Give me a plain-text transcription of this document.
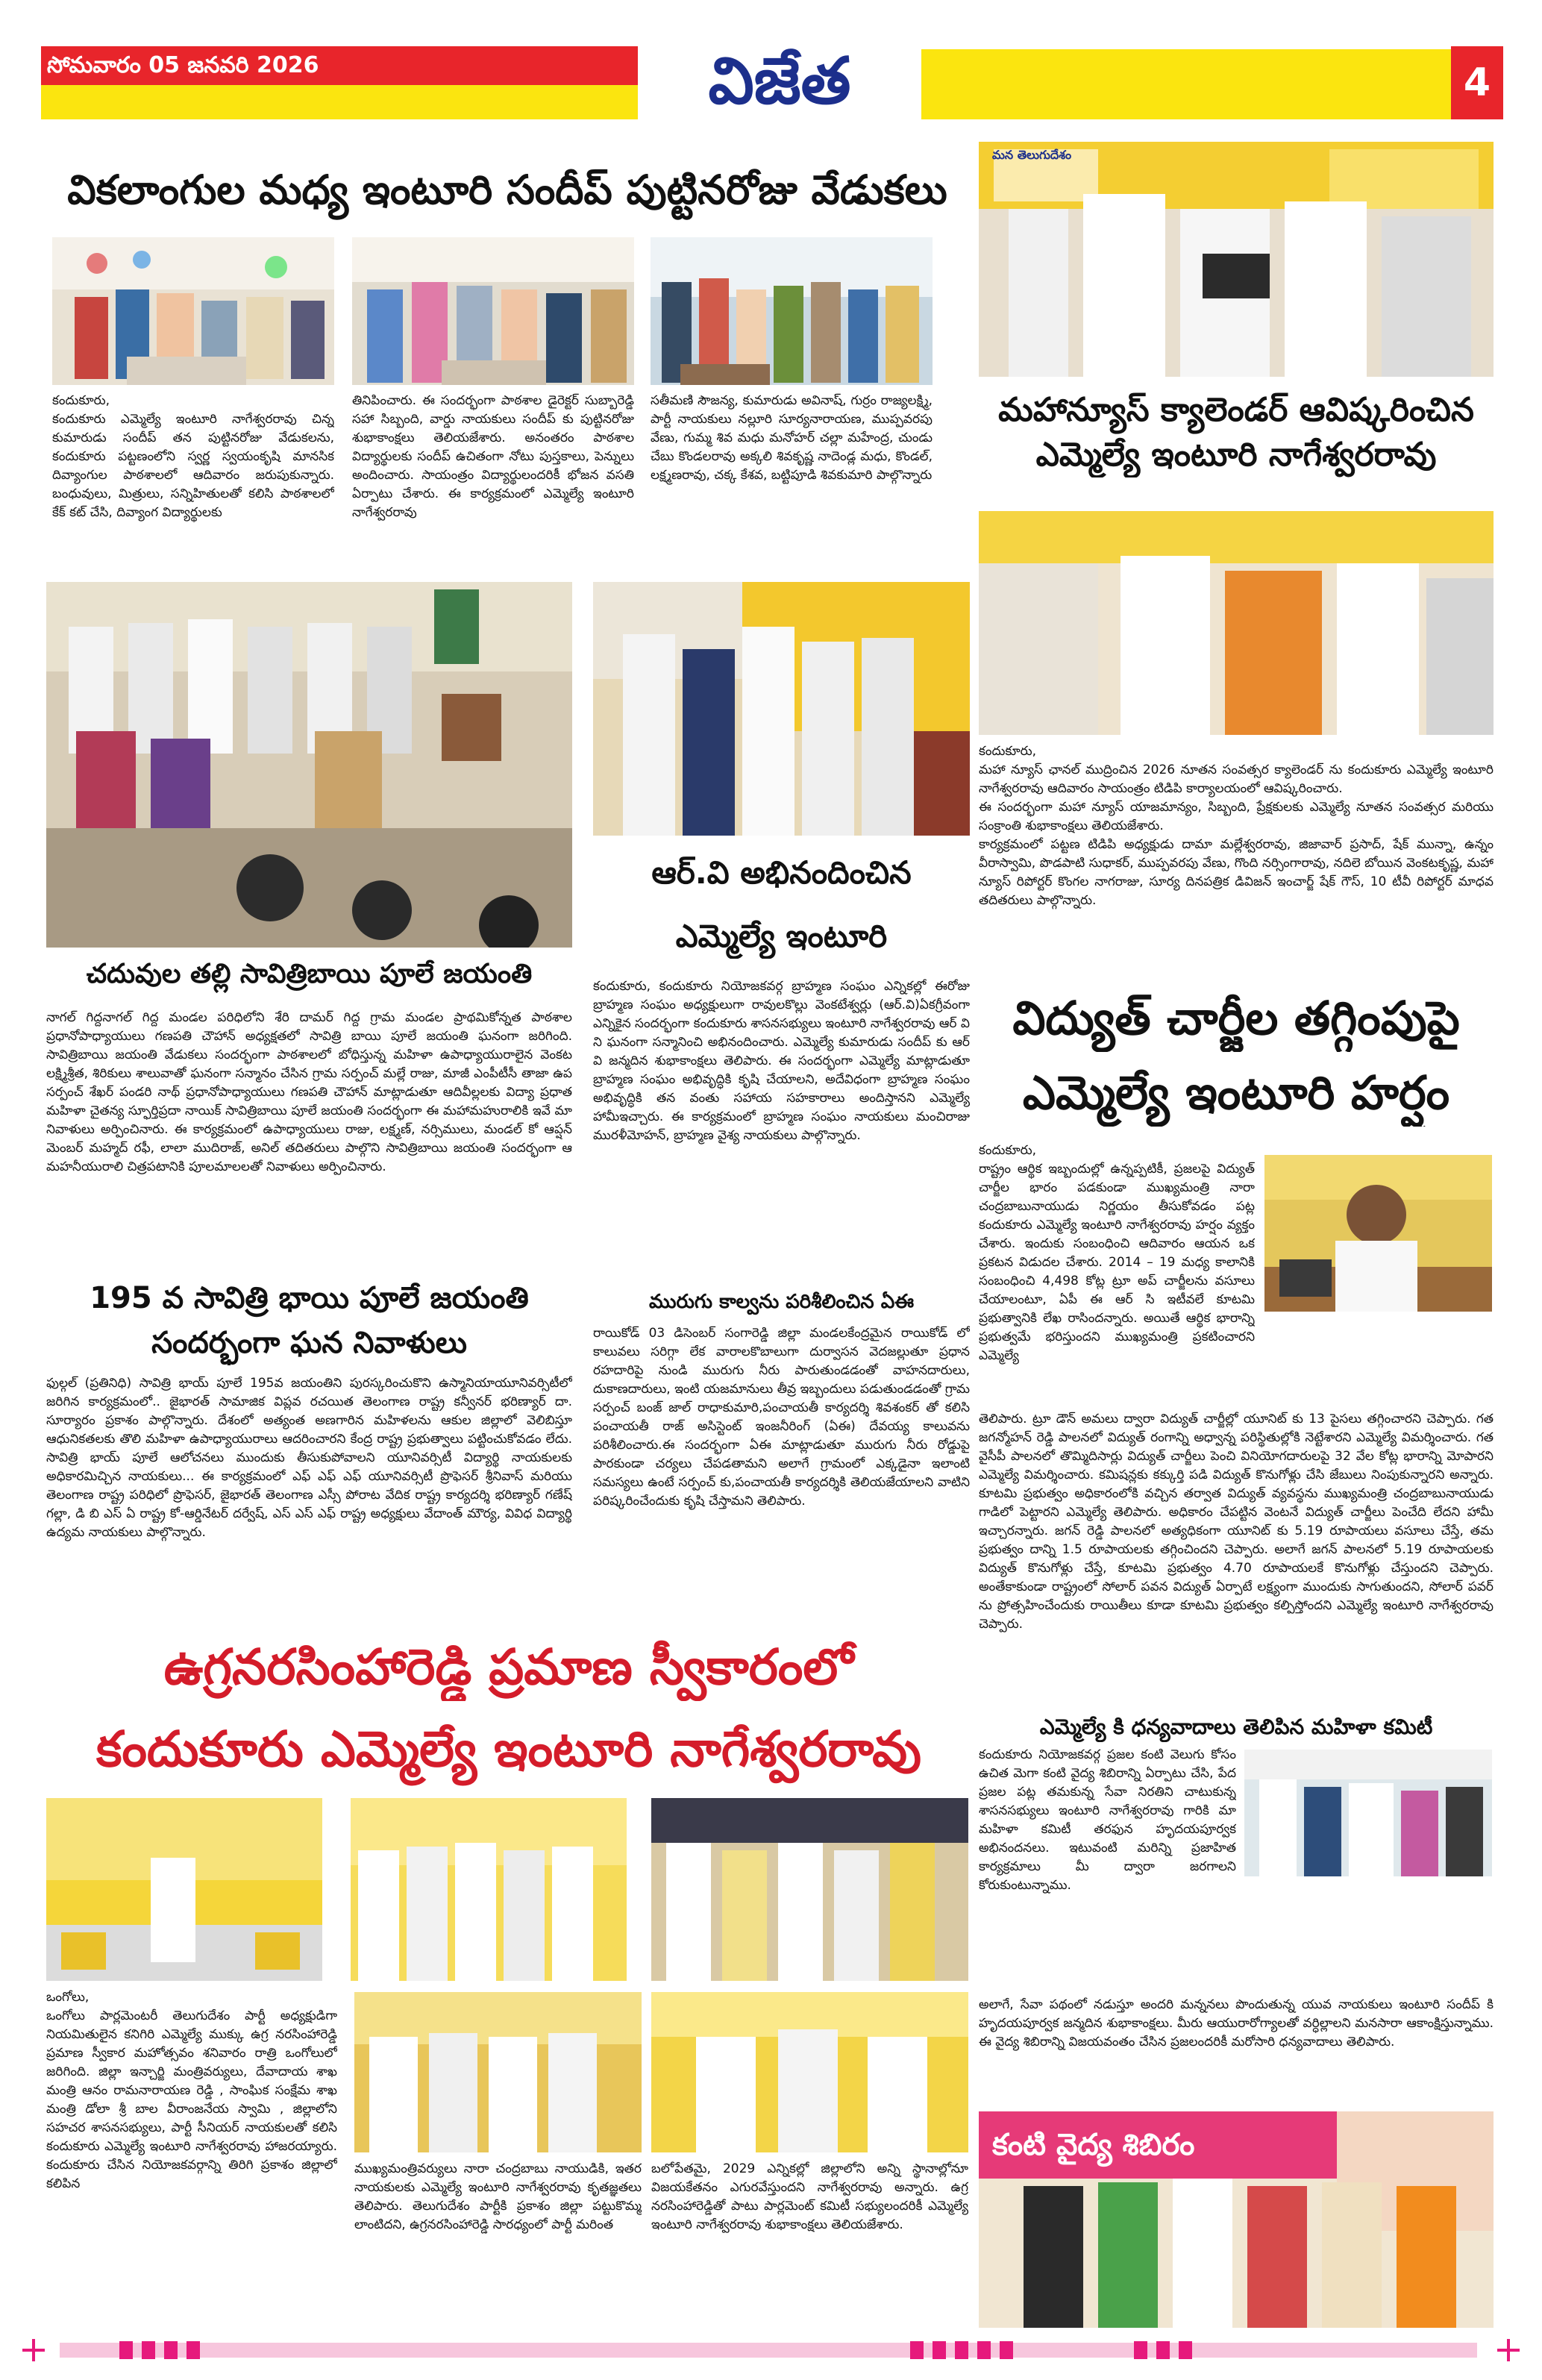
సోమవారం 05 జనవరి 2026	విజేత	4
వికలాంగుల మధ్య ఇంటూరి సందీప్ పుట్టినరోజు వేడుకలు
కందుకూరు,
కందుకూరు ఎమ్మెల్యే ఇంటూరి నాగేశ్వరరావు చిన్న కుమారుడు సందీప్ తన పుట్టినరోజు వేడుకలను, కందుకూరు పట్టణంలోని స్వర్ణ స్వయంకృషి మానసిక దివ్యాంగుల పాఠశాలలో ఆదివారం జరుపుకున్నారు. బంధువులు, మిత్రులు, సన్నిహితులతో కలిసి పాఠశాలలో కేక్ కట్ చేసి, దివ్యాంగ విద్యార్థులకు
తినిపించారు. ఈ సందర్భంగా పాఠశాల డైరెక్టర్ సుబ్బారెడ్డి సహా సిబ్బంది, వార్డు నాయకులు సందీప్ కు పుట్టినరోజు శుభాకాంక్షలు తెలియజేశారు. అనంతరం పాఠశాల విద్యార్థులకు సందీప్ ఉచితంగా నోటు పుస్తకాలు, పెన్నులు అందించారు. సాయంత్రం విద్యార్థులందరికీ భోజన వసతి ఏర్పాటు చేశారు. ఈ కార్యక్రమంలో ఎమ్మెల్యే ఇంటూరి నాగేశ్వరరావు
సతీమణి సౌజన్య, కుమారుడు అవినాష్, గుర్రం రాజ్యలక్ష్మి, పార్టీ నాయకులు నల్లూరి సూర్యనారాయణ, ముప్పవరపు వేణు, గుమ్మ శివ మధు మనోహర్ చల్లా మహేంద్ర, చుండు చేబు కొండలరావు అక్కలి శివకృష్ణ నాదెండ్ల మధు, కొండల్, లక్ష్మణరావు, చక్క కేశవ, బట్టిపూడి శివకుమారి పాల్గొన్నారు
మన తెలుగుదేశం
మహాన్యూస్ క్యాలెండర్ ఆవిష్కరించిన ఎమ్మెల్యే ఇంటూరి నాగేశ్వరరావు
కందుకూరు,
మహా న్యూస్ ఛానల్ ముద్రించిన 2026 నూతన సంవత్సర క్యాలెండర్ ను కందుకూరు ఎమ్మెల్యే ఇంటూరి నాగేశ్వరరావు ఆదివారం సాయంత్రం టిడిపి కార్యాలయంలో ఆవిష్కరించారు.
ఈ సందర్భంగా మహా న్యూస్ యాజమాన్యం, సిబ్బంది, ప్రేక్షకులకు ఎమ్మెల్యే నూతన సంవత్సర మరియు సంక్రాంతి శుభాకాంక్షలు తెలియజేశారు.
కార్యక్రమంలో పట్టణ టిడిపి అధ్యక్షుడు దామా మల్లేశ్వరరావు, జిజావార్ ప్రసాద్, షేక్ మున్నా, ఉన్నం వీరాస్వామి, పొడపాటి సుధాకర్, ముప్పవరపు వేణు, గొంది నర్సింగారావు, నదిలె బోయిన వెంకటకృష్ణ, మహా న్యూస్ రిపోర్టర్ కొంగల నాగరాజు, సూర్య దినపత్రిక డివిజన్ ఇంచార్జ్ షేక్ గౌస్, 10 టీవీ రిపోర్టర్ మాధవ తదితరులు పాల్గొన్నారు.
ఆర్.వి అభినందించిన
ఎమ్మెల్యే ఇంటూరి
చదువుల తల్లి సావిత్రిబాయి పూలే జయంతి
నాగల్ గిద్దనాగల్ గిద్ద మండల పరిధిలోని శేరి దామర్ గిద్ద గ్రామ మండల ప్రాథమికోన్నత పాఠశాల ప్రధానోపాధ్యాయులు గణపతి చౌహాన్ అధ్యక్షతలో సావిత్రి బాయి పూలే జయంతి ఘనంగా జరిగింది. సావిత్రిబాయి జయంతి వేడుకలు సందర్భంగా పాఠశాలలో బోధిస్తున్న మహిళా ఉపాధ్యాయురాలైన వెంకట లక్ష్మిశ్రీత, శిరికులు శాలువాతో ఘనంగా సన్మానం చేసిన గ్రామ సర్పంచ్ మల్లే రాజు, మాజీ ఎంపీటీసీ తాజా ఉప సర్పంచ్ శేఖర్ పండరి నాథ్ ప్రధానోపాధ్యాయులు గణపతి చౌహాన్ మాట్లాడుతూ ఆదివీల్లలకు విద్యా ప్రధాత మహిళా చైతన్య స్ఫూర్తిప్రదా నాయిక్ సావిత్రిబాయి పూలే జయంతి సందర్భంగా ఈ మహామహురాలికి ఇవే మా నివాళులు అర్పించినారు. ఈ కార్యక్రమంలో ఉపాధ్యాయులు రాజు, లక్ష్మణ్, నర్సిములు, మండల్ కో ఆప్షన్ మెంబర్ మహ్మద్ రఫీ, లాలా ముదిరాజ్, అనిల్ తదితరులు పాల్గొని సావిత్రిబాయి జయంతి సందర్భంగా ఆ మహనీయురాలి చిత్రపటానికి పూలమాలలతో నివాళులు అర్పించినారు.
195 వ సావిత్రి భాయి పూలే జయంతి సందర్భంగా ఘన నివాళులు
ఫుల్గల్ (ప్రతినిధి) సావిత్రి భాయ్ పూలే 195వ జయంతిని పురస్కరించుకొని ఉస్మానియాయూనివర్సిటీలో జరిగిన కార్యక్రమంలో.. జైభారత్ సామాజిక విప్లవ రచయిత తెలంగాణ రాష్ట్ర కన్వీనర్ భరిణ్యార్ దా. సూర్యారం ప్రకాశం పాల్గొన్నారు. దేశంలో అత్యంత అణగారిన మహిళలను ఆకుల జిల్లాలో వెలిబిస్తూ ఆధునికతలకు తొలి మహిళా ఉపాధ్యాయురాలు ఆదరించారని కేంద్ర రాష్ట్ర ప్రభుత్వాలు పట్టించుకోవడం లేదు. సావిత్రి భాయ్ పూలే ఆలోచనలు ముందుకు తీసుకుపోవాలని యూనివర్సిటీ విద్యార్థి నాయకులకు అధికారమిచ్చిన నాయకులు... ఈ కార్యక్రమంలో ఎఫ్ ఎఫ్ ఎఫ్ యూనివర్సిటీ ప్రొఫెసర్ శ్రీనివాస్ మరియు తెలంగాణ రాష్ట్ర పరిధిలో ప్రొఫెసర్, జైభారత్ తెలంగాణ ఎస్సీ పోరాట వేదిక రాష్ట్ర కార్యదర్శి భరిణ్యార్ గణేష్ గల్లా, డి బి ఎస్ ఏ రాష్ట్ర కో-ఆర్డినేటర్ దర్వేష్, ఎస్ ఎస్ ఎఫ్ రాష్ట్ర అధ్యక్షులు వేదాంత్ మౌర్య, వివిధ విద్యార్థి ఉద్యమ నాయకులు పాల్గొన్నారు.
కందుకూరు, కందుకూరు నియోజకవర్గ బ్రాహ్మణ సంఘం ఎన్నికల్లో ఈరోజు బ్రాహ్మణ సంఘం అధ్యక్షులుగా రావులకొల్లు వెంకటేశ్వర్లు (ఆర్.వి)ఏకగ్రీవంగా ఎన్నికైన సందర్భంగా కందుకూరు శాసనసభ్యులు ఇంటూరి నాగేశ్వరరావు ఆర్ వి ని ఘనంగా సన్మానించి అభినందించారు. ఎమ్మెల్యే కుమారుడు సందీప్ కు ఆర్ వి జన్మదిన శుభాకాంక్షలు తెలిపారు. ఈ సందర్భంగా ఎమ్మెల్యే మాట్లాడుతూ బ్రాహ్మణ సంఘం అభివృద్ధికి కృషి చేయాలని, అదేవిధంగా బ్రాహ్మణ సంఘం అభివృద్ధికి తన వంతు సహాయ సహకారాలు అందిస్తానని ఎమ్మెల్యే హామీఇచ్చారు. ఈ కార్యక్రమంలో బ్రాహ్మణ సంఘం నాయకులు మంచిరాజు మురళీమోహన్, బ్రాహ్మణ వైశ్య నాయకులు పాల్గొన్నారు.
మురుగు కాల్వను పరిశీలించిన ఏఈ
రాయికోడ్ 03 డిసెంబర్ సంగారెడ్డి జిల్లా మండలకేంద్రమైన రాయికోడ్ లో కాలువలు సరిగ్గా లేక వారాలకొబాలుగా దుర్వాసన వెదజల్లుతూ ప్రధాన రహదారిపై నుండి మురుగు నీరు పారుతుండడంతో వాహనదారులు, దుకాణదారులు, ఇంటి యజమానులు తీవ్ర ఇబ్బందులు పడుతుండడంతో గ్రామ సర్పంచ్ బంజ్ జాల్ రాధాకుమారి,పంచాయతీ కార్యదర్శి శివశంకర్ తో కలిసి పంచాయతీ రాజ్ అసిస్టెంట్ ఇంజనీరింగ్ (ఏఈ) దేవయ్య కాలువను పరిశీలించారు.ఈ సందర్భంగా ఏఈ మాట్లాడుతూ మురుగు నీరు రోడ్డుపై పారకుండా చర్యలు చేపడతామని అలాగే గ్రామంలో ఎక్కడైనా ఇలాంటి సమస్యలు ఉంటే సర్పంచ్ కు,పంచాయతీ కార్యదర్శికి తెలియజేయాలని వాటిని పరిష్కరించేందుకు కృషి చేస్తామని తెలిపారు.
విద్యుత్ చార్జీల తగ్గింపుపై
ఎమ్మెల్యే ఇంటూరి హర్షం
కందుకూరు,
రాష్ట్రం ఆర్థిక ఇబ్బందుల్లో ఉన్నప్పటికీ, ప్రజలపై విద్యుత్ చార్జీల భారం పడకుండా ముఖ్యమంత్రి నారా చంద్రబాబునాయుడు నిర్ణయం తీసుకోవడం పట్ల కందుకూరు ఎమ్మెల్యే ఇంటూరి నాగేశ్వరరావు హర్షం వ్యక్తం చేశారు. ఇందుకు సంబంధించి ఆదివారం ఆయన ఒక ప్రకటన విడుదల చేశారు. 2014 – 19 మధ్య కాలానికి సంబంధించి 4,498 కోట్ల ట్రూ అప్ చార్జీలను వసూలు చేయాలంటూ, ఏపీ ఈ ఆర్ సి ఇటీవలే కూటమి ప్రభుత్వానికి లేఖ రాసిందన్నారు. అయితే ఆర్థిక భారాన్ని ప్రభుత్వమే భరిస్తుందని ముఖ్యమంత్రి ప్రకటించారని ఎమ్మెల్యే
తెలిపారు. ట్రూ డౌన్ అమలు ద్వారా విద్యుత్ చార్జీల్లో యూనిట్ కు 13 పైసలు తగ్గించారని చెప్పారు. గత జగన్మోహన్ రెడ్డి పాలనలో విద్యుత్ రంగాన్ని అధ్వాన్న పరిస్థితుల్లోకి నెట్టేశారని ఎమ్మెల్యే విమర్శించారు. గత వైసీపీ పాలనలో తొమ్మిదిసార్లు విద్యుత్ చార్జీలు పెంచి వినియోగదారులపై 32 వేల కోట్ల భారాన్ని మోపారని ఎమ్మెల్యే విమర్శించారు. కమిషన్లకు కక్కుర్తి పడి విద్యుత్ కొనుగోళ్లు చేసి జేబులు నింపుకున్నారని అన్నారు. కూటమి ప్రభుత్వం అధికారంలోకి వచ్చిన తర్వాత విద్యుత్ వ్యవస్థను ముఖ్యమంత్రి చంద్రబాబునాయుడు గాడిలో పెట్టారని ఎమ్మెల్యే తెలిపారు. అధికారం చేపట్టిన వెంటనే విద్యుత్ చార్జీలు పెంచేది లేదని హామీ ఇచ్చారన్నారు. జగన్ రెడ్డి పాలనలో అత్యధికంగా యూనిట్ కు 5.19 రూపాయలు వసూలు చేస్తే, తమ ప్రభుత్వం దాన్ని 1.5 రూపాయలకు తగ్గించిందని చెప్పారు. అలాగే జగన్ పాలనలో 5.19 రూపాయలకు విద్యుత్ కొనుగోళ్లు చేస్తే, కూటమి ప్రభుత్వం 4.70 రూపాయలకే కొనుగోళ్లు చేస్తుందని చెప్పారు. అంతేకాకుండా రాష్ట్రంలో సోలార్ పవన విద్యుత్ ఏర్పాటే లక్ష్యంగా ముందుకు సాగుతుందని, సోలార్ పవర్ ను ప్రోత్సహించేందుకు రాయితీలు కూడా కూటమి ప్రభుత్వం కల్పిస్తోందని ఎమ్మెల్యే ఇంటూరి నాగేశ్వరరావు చెప్పారు.
ఎమ్మెల్యే కి ధన్యవాదాలు తెలిపిన మహిళా కమిటీ
కందుకూరు నియోజకవర్గ ప్రజల కంటి వెలుగు కోసం ఉచిత మెగా కంటి వైద్య శిబిరాన్ని ఏర్పాటు చేసి, పేద ప్రజల పట్ల తమకున్న సేవా నిరతిని చాటుకున్న శాసనసభ్యులు ఇంటూరి నాగేశ్వరరావు గారికి మా మహిళా కమిటీ తరఫున హృదయపూర్వక అభినందనలు. ఇటువంటి మరిన్ని ప్రజాహిత కార్యక్రమాలు మీ ద్వారా జరగాలని కోరుకుంటున్నాము.
అలాగే, సేవా పథంలో నడుస్తూ అందరి మన్ననలు పొందుతున్న యువ నాయకులు ఇంటూరి సందీప్ కి హృదయపూర్వక జన్మదిన శుభాకాంక్షలు. మీరు ఆయురారోగ్యాలతో వర్ధిల్లాలని మనసారా ఆకాంక్షిస్తున్నాము. ఈ వైద్య శిబిరాన్ని విజయవంతం చేసిన ప్రజలందరికీ మరోసారి ధన్యవాదాలు తెలిపారు.
కంటి వైద్య శిబిరం
ఉగ్రనరసింహారెడ్డి ప్రమాణ స్వీకారంలో
కందుకూరు ఎమ్మెల్యే ఇంటూరి నాగేశ్వరరావు
ఒంగోలు,
ఒంగోలు పార్లమెంటరీ తెలుగుదేశం పార్టీ అధ్యక్షుడిగా నియమితులైన కనిగిరి ఎమ్మెల్యే ముక్కు ఉగ్ర నరసింహారెడ్డి ప్రమాణ స్వీకార మహోత్సవం శనివారం రాత్రి ఒంగోలులో జరిగింది. జిల్లా ఇన్చార్జి మంత్రివర్యులు, దేవాదాయ శాఖ మంత్రి ఆనం రామనారాయణ రెడ్డి , సాంఘిక సంక్షేమ శాఖ మంత్రి డోలా శ్రీ బాల వీరాంజనేయ స్వామి , జిల్లాలోని సహచర శాసనసభ్యులు, పార్టీ సీనియర్ నాయకులతో కలిసి కందుకూరు ఎమ్మెల్యే ఇంటూరి నాగేశ్వరరావు హాజరయ్యారు. కందుకూరు చేసిన నియోజకవర్గాన్ని తిరిగి ప్రకాశం జిల్లాలో కలిపిన
ముఖ్యమంత్రివర్యులు నారా చంద్రబాబు నాయుడికి, ఇతర నాయకులకు ఎమ్మెల్యే ఇంటూరి నాగేశ్వరరావు కృతజ్ఞతలు తెలిపారు. తెలుగుదేశం పార్టీకి ప్రకాశం జిల్లా పట్టుకొమ్మ లాంటిదని, ఉగ్రనరసింహారెడ్డి సారధ్యంలో పార్టీ మరింత
బలోపేతమై, 2029 ఎన్నికల్లో జిల్లాలోని అన్ని స్థానాల్లోనూ విజయకేతనం ఎగురవేస్తుందని నాగేశ్వరరావు అన్నారు. ఉగ్ర నరసింహారెడ్డితో పాటు పార్లమెంట్ కమిటీ సభ్యులందరికీ ఎమ్మెల్యే ఇంటూరి నాగేశ్వరరావు శుభాకాంక్షలు తెలియజేశారు.
